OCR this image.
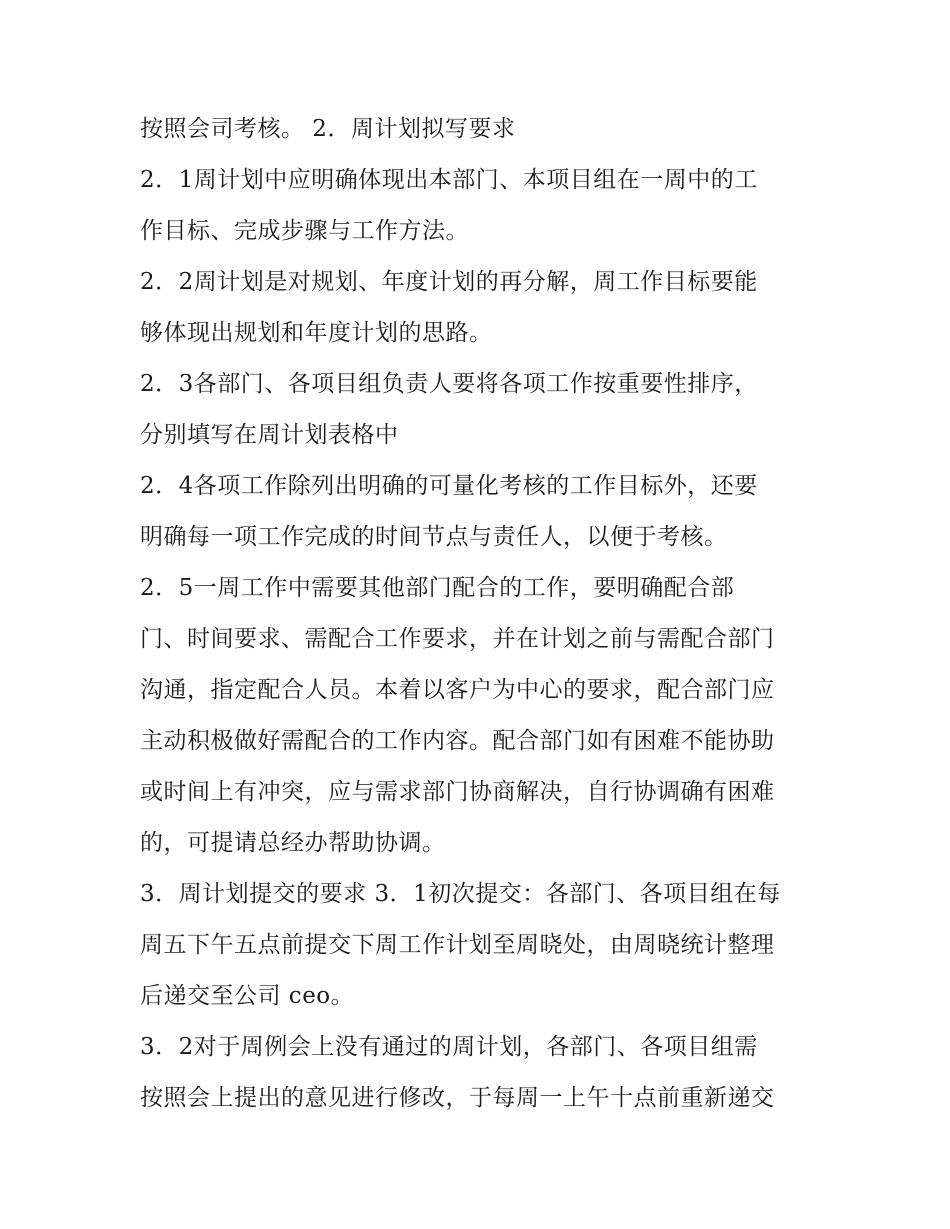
按照会司考核。 2．周计划拟写要求
2．1周计划中应明确体现出本部门、本项目组在一周中的工
作目标、完成步骤与工作方法。
2．2周计划是对规划、年度计划的再分解，周工作目标要能
够体现出规划和年度计划的思路。
2．3各部门、各项目组负责人要将各项工作按重要性排序，
分别填写在周计划表格中
2．4各项工作除列出明确的可量化考核的工作目标外，还要
明确每一项工作完成的时间节点与责任人，以便于考核。
2．5一周工作中需要其他部门配合的工作，要明确配合部
门、时间要求、需配合工作要求，并在计划之前与需配合部门
沟通，指定配合人员。本着以客户为中心的要求，配合部门应
主动积极做好需配合的工作内容。配合部门如有困难不能协助
或时间上有冲突，应与需求部门协商解决，自行协调确有困难
的，可提请总经办帮助协调。
3．周计划提交的要求 3．1初次提交：各部门、各项目组在每
周五下午五点前提交下周工作计划至周晓处，由周晓统计整理
后递交至公司 ceo。
3．2对于周例会上没有通过的周计划，各部门、各项目组需
按照会上提出的意见进行修改，于每周一上午十点前重新递交
